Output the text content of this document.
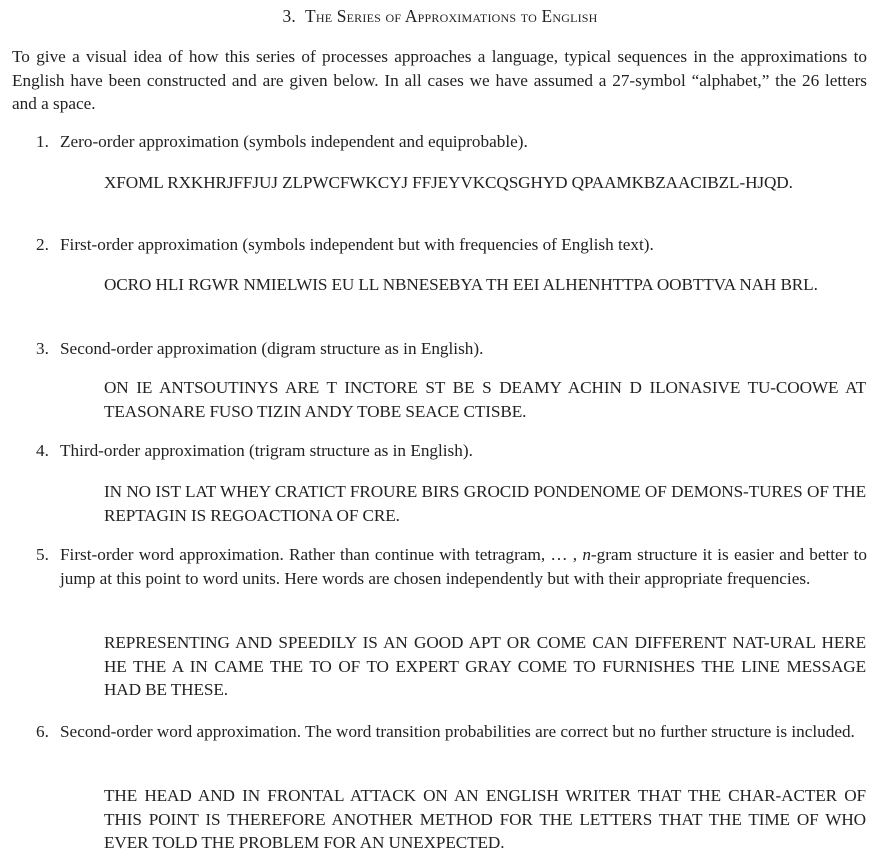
3. The Series of Approximations to English
To give a visual idea of how this series of processes approaches a language, typical sequences in the approximations to English have been constructed and are given below. In all cases we have assumed a 27-symbol “alphabet,” the 26 letters and a space.
1. Zero-order approximation (symbols independent and equiprobable).
XFOML RXKHRJFFJUJ ZLPWCFWKCYJ FFJEYVKCQSGHYD QPAAMKBZAACIBZL-HJQD.
2. First-order approximation (symbols independent but with frequencies of English text).
OCRO HLI RGWR NMIELWIS EU LL NBNESEBYA TH EEI ALHENHTTPA OOBTTVA NAH BRL.
3. Second-order approximation (digram structure as in English).
ON IE ANTSOUTINYS ARE T INCTORE ST BE S DEAMY ACHIN D ILONASIVE TU-COOWE AT TEASONARE FUSO TIZIN ANDY TOBE SEACE CTISBE.
4. Third-order approximation (trigram structure as in English).
IN NO IST LAT WHEY CRATICT FROURE BIRS GROCID PONDENOME OF DEMONS-TURES OF THE REPTAGIN IS REGOACTIONA OF CRE.
5. First-order word approximation. Rather than continue with tetragram, … , n-gram structure it is easier and better to jump at this point to word units. Here words are chosen independently but with their appropriate frequencies.
REPRESENTING AND SPEEDILY IS AN GOOD APT OR COME CAN DIFFERENT NAT-URAL HERE HE THE A IN CAME THE TO OF TO EXPERT GRAY COME TO FURNISHES THE LINE MESSAGE HAD BE THESE.
6. Second-order word approximation. The word transition probabilities are correct but no further structure is included.
THE HEAD AND IN FRONTAL ATTACK ON AN ENGLISH WRITER THAT THE CHAR-ACTER OF THIS POINT IS THEREFORE ANOTHER METHOD FOR THE LETTERS THAT THE TIME OF WHO EVER TOLD THE PROBLEM FOR AN UNEXPECTED.
